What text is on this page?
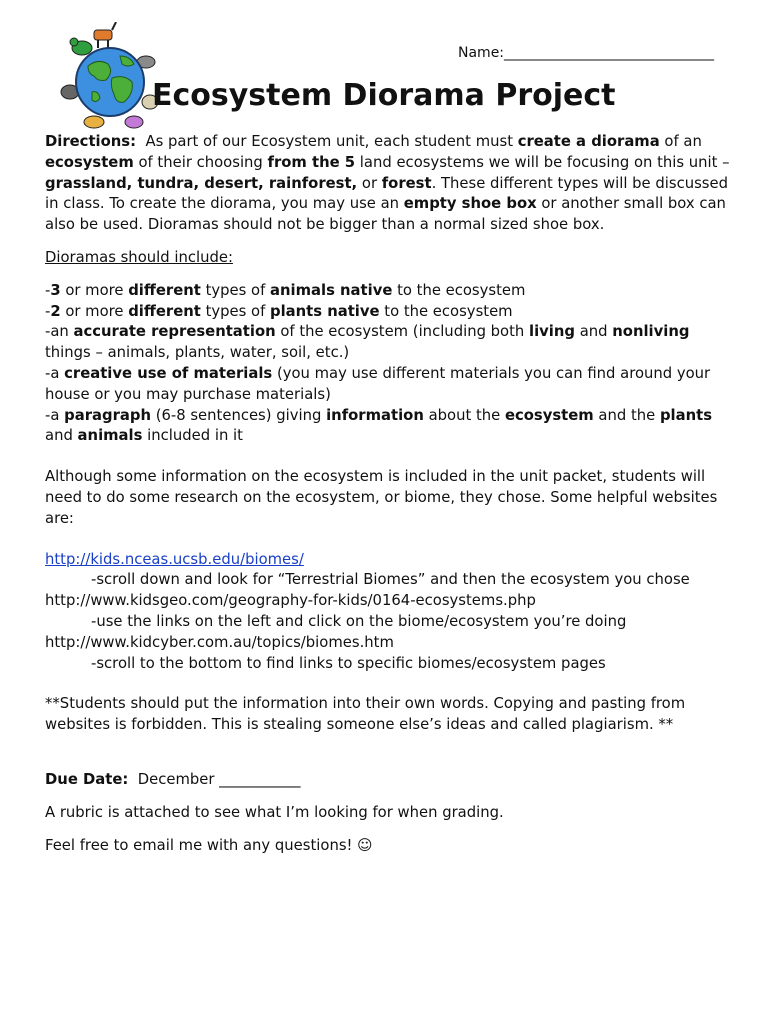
Name:______________________________
Ecosystem Diorama Project

Directions: As part of our Ecosystem unit, each student must create a diorama of an ecosystem of their choosing from the 5 land ecosystems we will be focusing on this unit – grassland, tundra, desert, rainforest, or forest. These different types will be discussed in class. To create the diorama, you may use an empty shoe box or another small box can also be used. Dioramas should not be bigger than a normal sized shoe box.

Dioramas should include:

-3 or more different types of animals native to the ecosystem

-2 or more different types of plants native to the ecosystem

-an accurate representation of the ecosystem (including both living and nonliving things – animals, plants, water, soil, etc.)

-a creative use of materials (you may use different materials you can find around your house or you may purchase materials)

-a paragraph (6-8 sentences) giving information about the ecosystem and the plants and animals included in it

Although some information on the ecosystem is included in the unit packet, students will need to do some research on the ecosystem, or biome, they chose. Some helpful websites are:

http://kids.nceas.ucsb.edu/biomes/

-scroll down and look for “Terrestrial Biomes” and then the ecosystem you chose

http://www.kidsgeo.com/geography-for-kids/0164-ecosystems.php

-use the links on the left and click on the biome/ecosystem you’re doing

http://www.kidcyber.com.au/topics/biomes.htm

-scroll to the bottom to find links to specific biomes/ecosystem pages

**Students should put the information into their own words. Copying and pasting from websites is forbidden. This is stealing someone else’s ideas and called plagiarism. **

Due Date: December ___________

A rubric is attached to see what I’m looking for when grading.

Feel free to email me with any questions! ☺
